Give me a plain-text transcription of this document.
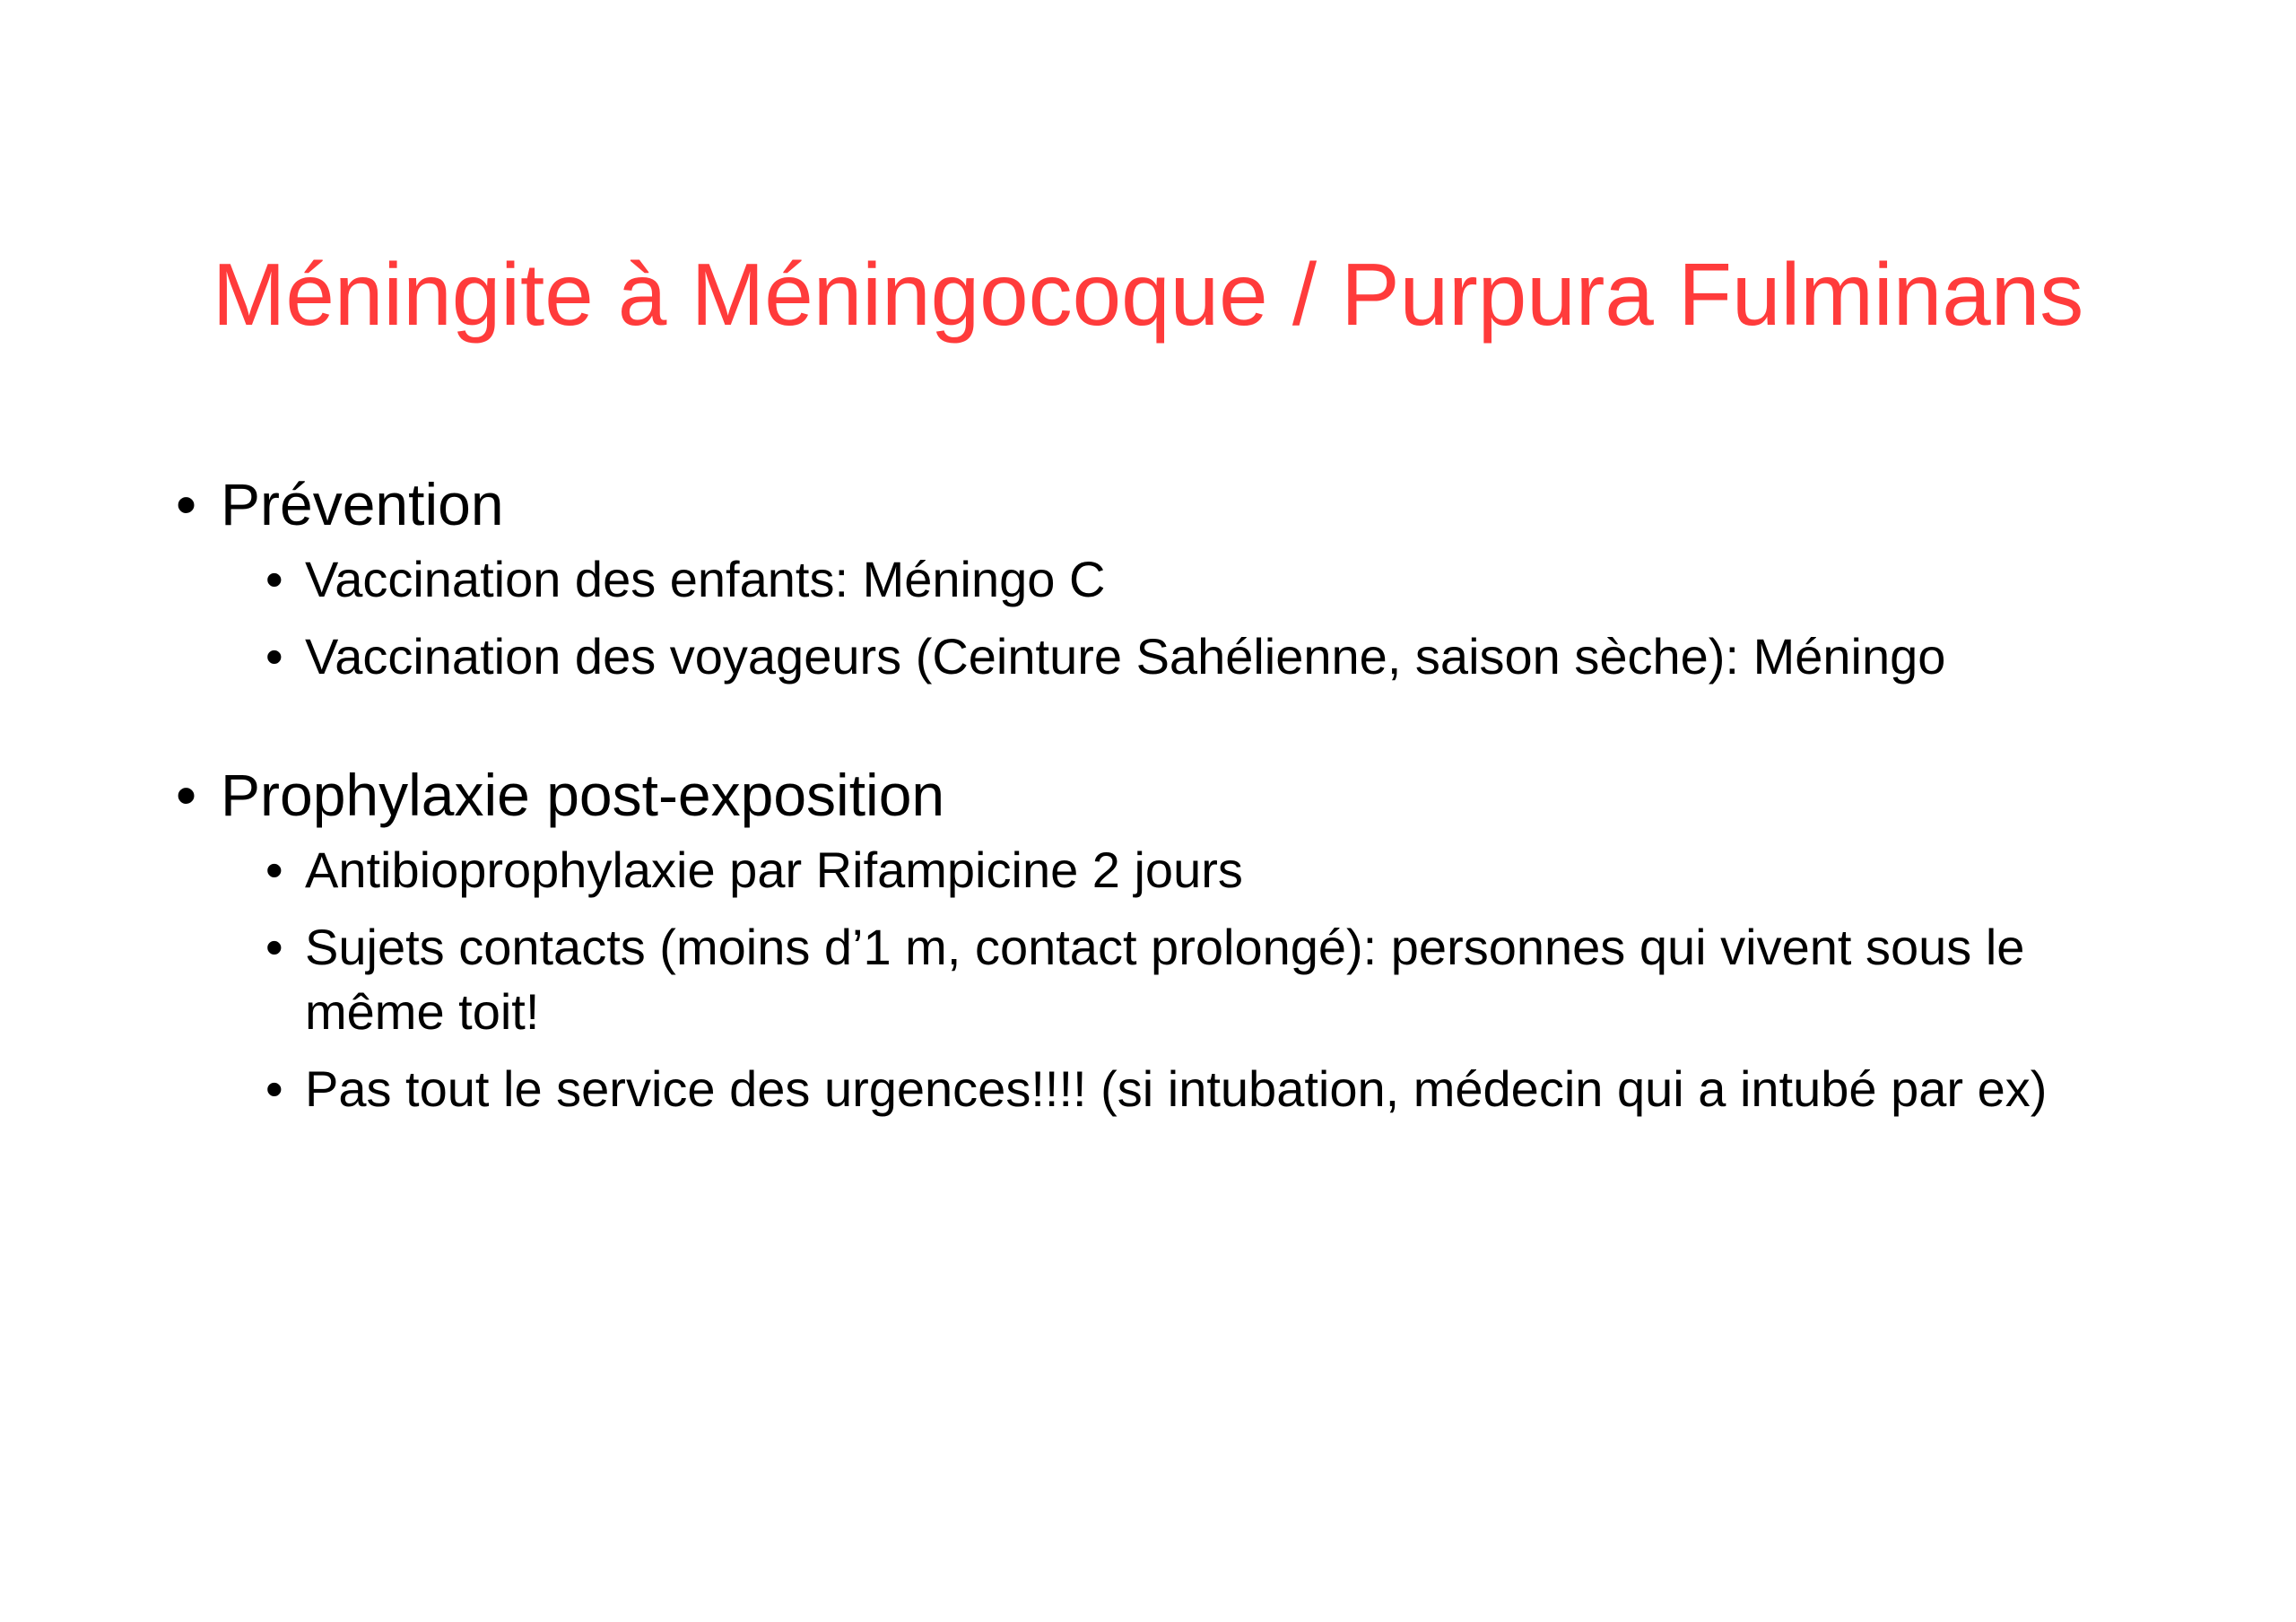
Méningite à Méningocoque / Purpura Fulminans
• Prévention
• Vaccination des enfants: Méningo C
• Vaccination des voyageurs (Ceinture Sahélienne, saison sèche): Méningo
• Prophylaxie post-exposition
• Antibioprophylaxie par Rifampicine 2 jours
• Sujets contacts (moins d’1 m, contact prolongé): personnes qui vivent sous le même toit!
• Pas tout le service des urgences!!!! (si intubation, médecin qui a intubé par ex)
